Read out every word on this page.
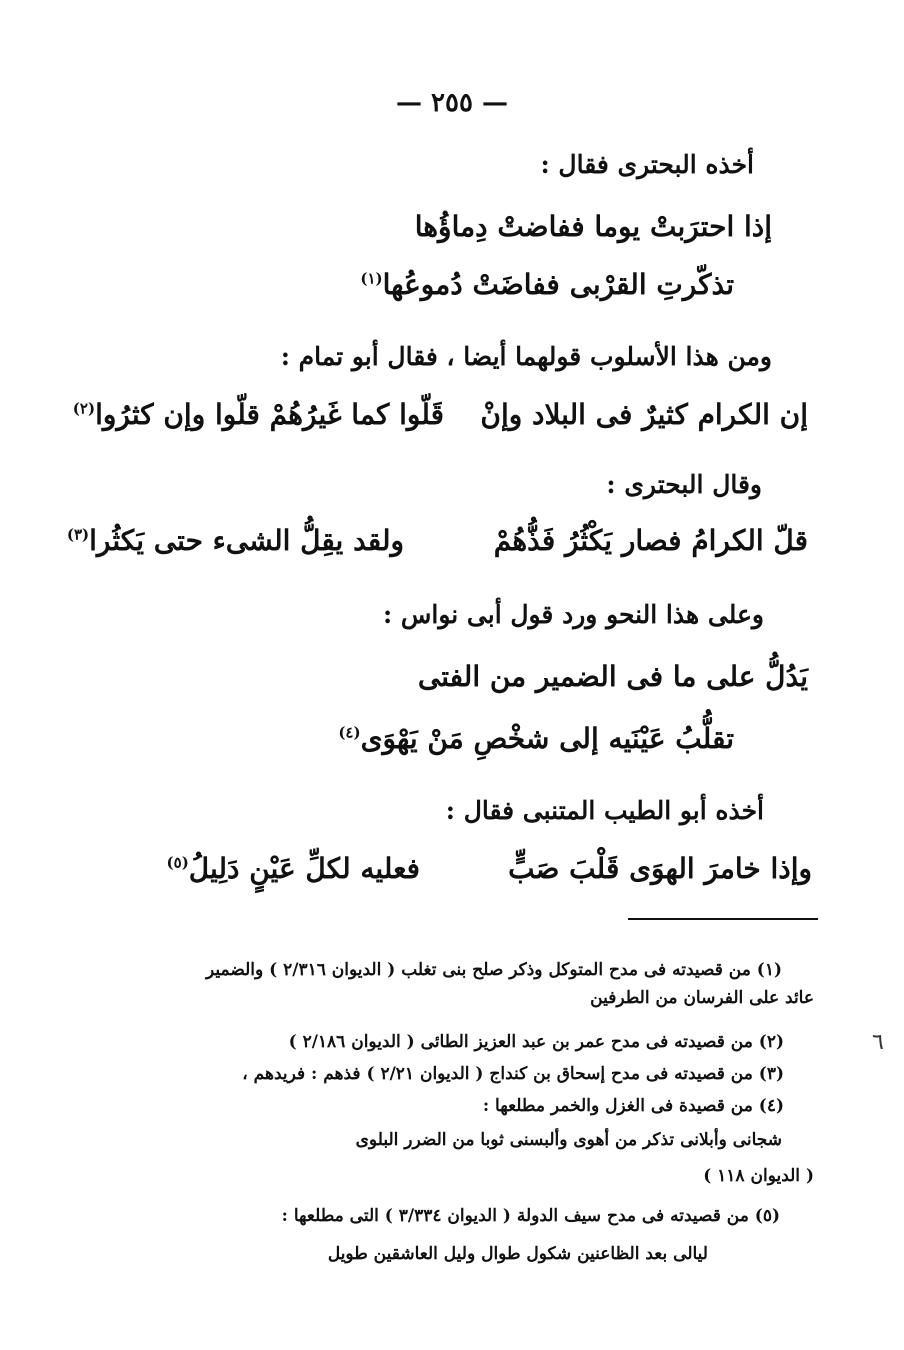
— ٢٥٥ —
أخذه البحترى فقال :
إذا احترَبتْ يوما ففاضتْ دِماؤُها
تذكّرتِ القرْبى ففاضَتْ دُموعُها$^{(١)}$
ومن هذا الأسلوب قولهما أيضا ، فقال أبو تمام :
إن الكرام كثيرٌ فى البلاد وإنْ
قَلّوا كما غَيرُهُمْ قلّوا وإن كثرُوا$^{(٢)}$
وقال البحترى :
قلّ الكرامُ فصار يَكْثُرُ فَذُّهُمْ
ولقد يقِلُّ الشىء حتى يَكثُرا$^{(٣)}$
وعلى هذا النحو ورد قول أبى نواس :
يَدُلُّ على ما فى الضمير من الفتى
تقلُّبُ عَيْنَيه إلى شخْصِ مَنْ يَهْوَى$^{(٤)}$
أخذه أبو الطيب المتنبى فقال :
وإذا خامرَ الهوَى قَلْبَ صَبٍّ
فعليه لكلِّ عَيْنٍ دَلِيلُ$^{(٥)}$
(١) من قصيدته فى مدح المتوكل وذكر صلح بنى تغلب ( الديوان ٢/٣١٦ ) والضمير
عائد على الفرسان من الطرفين
(٢) من قصيدته فى مدح عمر بن عبد العزيز الطائى ( الديوان ٢/١٨٦ )
(٣) من قصيدته فى مدح إسحاق بن كنداج ( الديوان ٢/٢١ ) فذهم : فريدهم ،
(٤) من قصيدة فى الغزل والخمر مطلعها :
شجانى وأبلانى تذكر من أهوى وألبسنى ثوبا من الضرر البلوى
( الديوان ١١٨ )
(٥) من قصيدته فى مدح سيف الدولة ( الديوان ٣/٣٣٤ ) التى مطلعها :
ليالى بعد الظاعنين شكول طوال وليل العاشقين طويل
٦
